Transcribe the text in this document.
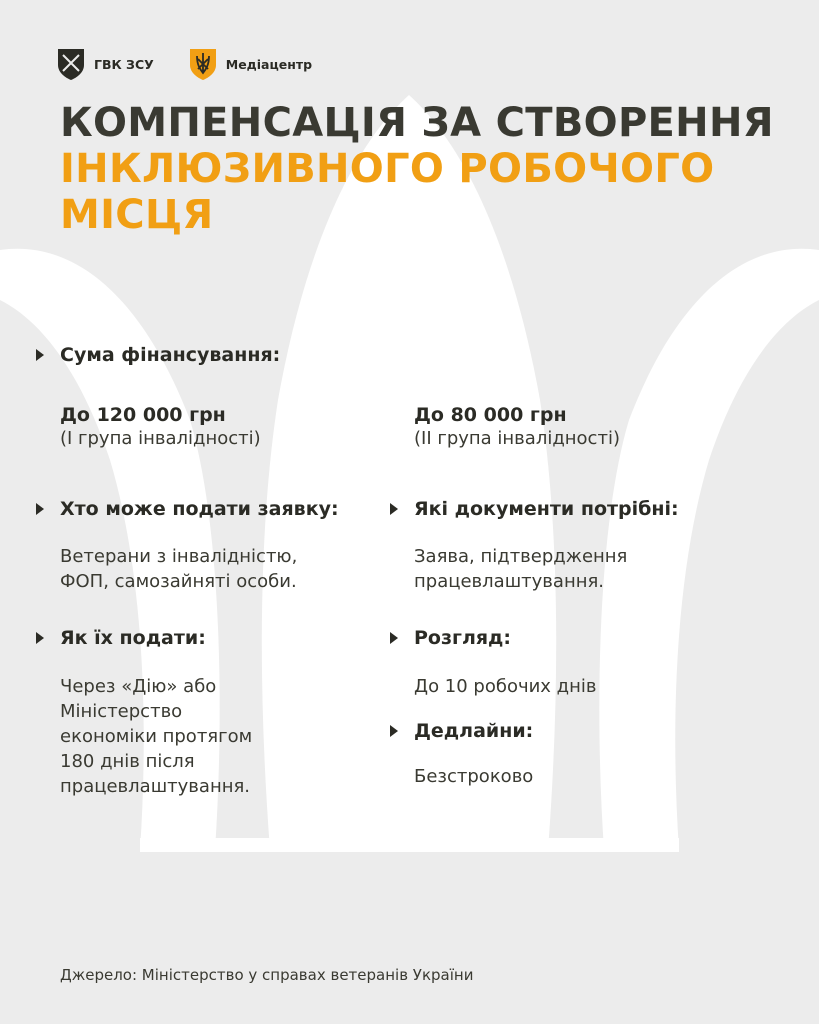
ГВК ЗСУ	Медіацентр
КОМПЕНСАЦІЯ ЗА СТВОРЕННЯ
ІНКЛЮЗИВНОГО РОБОЧОГО
МІСЦЯ
Сума фінансування:
До 120 000 грн
(I група інвалідності)
До 80 000 грн
(II група інвалідності)
Хто може подати заявку:
Ветерани з інвалідністю,
ФОП, самозайняті особи.
Які документи потрібні:
Заява, підтвердження
працевлаштування.
Як їх подати:
Через «Дію» або
Міністерство
економіки протягом
180 днів після
працевлаштування.
Розгляд:
До 10 робочих днів
Дедлайни:
Безстроково
Джерело: Міністерство у справах ветеранів України
